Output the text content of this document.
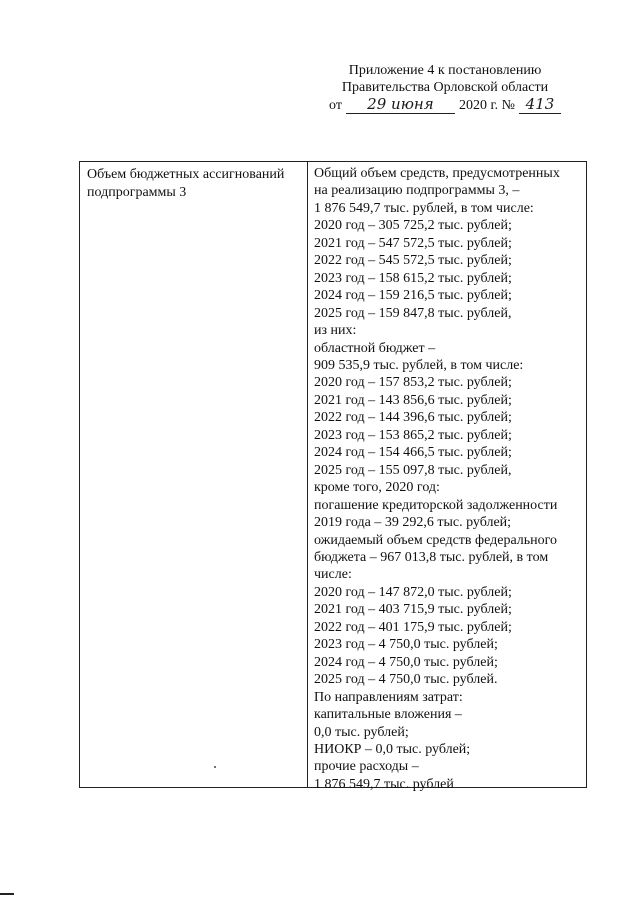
Приложение 4 к постановлению
Правительства Орловской области
от	29 июня	2020 г. № 413
Объем бюджетных ассигнований
подпрограммы 3
Общий объем средств, предусмотренных
на реализацию подпрограммы 3, –
1 876 549,7 тыс. рублей, в том числе:
2020 год – 305 725,2 тыс. рублей;
2021 год – 547 572,5 тыс. рублей;
2022 год – 545 572,5 тыс. рублей;
2023 год – 158 615,2 тыс. рублей;
2024 год – 159 216,5 тыс. рублей;
2025 год – 159 847,8 тыс. рублей,
из них:
областной бюджет –
909 535,9 тыс. рублей, в том числе:
2020 год – 157 853,2 тыс. рублей;
2021 год – 143 856,6 тыс. рублей;
2022 год – 144 396,6 тыс. рублей;
2023 год – 153 865,2 тыс. рублей;
2024 год – 154 466,5 тыс. рублей;
2025 год – 155 097,8 тыс. рублей,
кроме того, 2020 год:
погашение кредиторской задолженности
2019 года – 39 292,6 тыс. рублей;
ожидаемый объем средств федерального
бюджета – 967 013,8 тыс. рублей, в том
числе:
2020 год – 147 872,0 тыс. рублей;
2021 год – 403 715,9 тыс. рублей;
2022 год – 401 175,9 тыс. рублей;
2023 год – 4 750,0 тыс. рублей;
2024 год – 4 750,0 тыс. рублей;
2025 год – 4 750,0 тыс. рублей.
По направлениям затрат:
капитальные вложения –
0,0 тыс. рублей;
НИОКР – 0,0 тыс. рублей;
прочие расходы –
1 876 549,7 тыс. рублей
